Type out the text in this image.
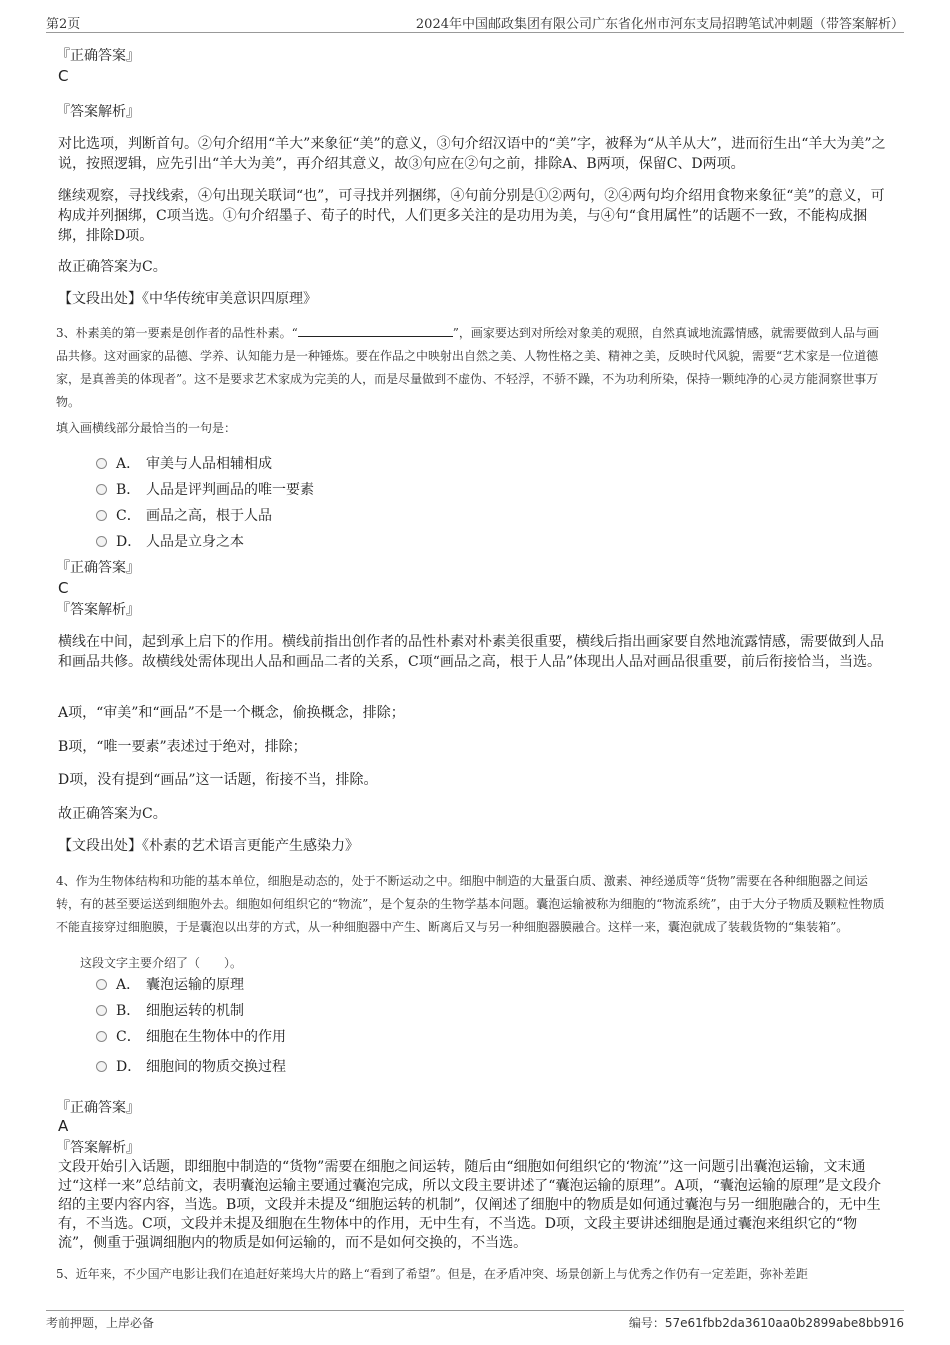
第2页	2024年中国邮政集团有限公司广东省化州市河东支局招聘笔试冲刺题（带答案解析）
『正确答案』
C
『答案解析』
对比选项，判断首句。②句介绍用“羊大”来象征“美”的意义，③句介绍汉语中的“美”字，被释为“从羊从大”，进而衍生出“羊大为美”之说，按照逻辑，应先引出“羊大为美”，再介绍其意义，故③句应在②句之前，排除A、B两项，保留C、D两项。
继续观察，寻找线索，④句出现关联词“也”，可寻找并列捆绑，④句前分别是①②两句，②④两句均介绍用食物来象征“美”的意义，可构成并列捆绑，C项当选。①句介绍墨子、荀子的时代，人们更多关注的是功用为美，与④句“食用属性”的话题不一致，不能构成捆绑，排除D项。
故正确答案为C。
【文段出处】《中华传统审美意识四原理》
3、朴素美的第一要素是创作者的品性朴素。“	”，画家要达到对所绘对象美的观照，自然真诚地流露情感，就需要做到人品与画品共修。这对画家的品德、学养、认知能力是一种锤炼。要在作品之中映射出自然之美、人物性格之美、精神之美，反映时代风貌，需要“艺术家是一位道德家，是真善美的体现者”。这不是要求艺术家成为完美的人，而是尽量做到不虚伪、不轻浮，不骄不躁，不为功利所染，保持一颗纯净的心灵方能洞察世事万物。
填入画横线部分最恰当的一句是：
A． 审美与人品相辅相成
B． 人品是评判画品的唯一要素
C． 画品之高，根于人品
D． 人品是立身之本
『正确答案』
C
『答案解析』
横线在中间，起到承上启下的作用。横线前指出创作者的品性朴素对朴素美很重要，横线后指出画家要自然地流露情感，需要做到人品和画品共修。故横线处需体现出人品和画品二者的关系，C项“画品之高，根于人品”体现出人品对画品很重要，前后衔接恰当，当选。
A项，“审美”和“画品”不是一个概念，偷换概念，排除；
B项，“唯一要素”表述过于绝对，排除；
D项，没有提到“画品”这一话题，衔接不当，排除。
故正确答案为C。
【文段出处】《朴素的艺术语言更能产生感染力》
4、作为生物体结构和功能的基本单位，细胞是动态的，处于不断运动之中。细胞中制造的大量蛋白质、激素、神经递质等“货物”需要在各种细胞器之间运转，有的甚至要运送到细胞外去。细胞如何组织它的“物流”，是个复杂的生物学基本问题。囊泡运输被称为细胞的“物流系统”，由于大分子物质及颗粒性物质不能直接穿过细胞膜，于是囊泡以出芽的方式，从一种细胞器中产生、断离后又与另一种细胞器膜融合。这样一来，囊泡就成了装载货物的“集装箱”。
这段文字主要介绍了（　　）。
A． 囊泡运输的原理
B． 细胞运转的机制
C． 细胞在生物体中的作用
D． 细胞间的物质交换过程
『正确答案』
A
『答案解析』
文段开始引入话题，即细胞中制造的“货物”需要在细胞之间运转，随后由“细胞如何组织它的‘物流’”这一问题引出囊泡运输，文末通过“这样一来”总结前文，表明囊泡运输主要通过囊泡完成，所以文段主要讲述了“囊泡运输的原理”。A项，“囊泡运输的原理”是文段介绍的主要内容内容，当选。B项，文段并未提及“细胞运转的机制”，仅阐述了细胞中的物质是如何通过囊泡与另一细胞融合的，无中生有，不当选。C项，文段并未提及细胞在生物体中的作用，无中生有，不当选。D项，文段主要讲述细胞是通过囊泡来组织它的“物流”，侧重于强调细胞内的物质是如何运输的，而不是如何交换的，不当选。
5、近年来，不少国产电影让我们在追赶好莱坞大片的路上“看到了希望”。但是，在矛盾冲突、场景创新上与优秀之作仍有一定差距，弥补差距
考前押题，上岸必备	编号：57e61fbb2da3610aa0b2899abe8bb916
